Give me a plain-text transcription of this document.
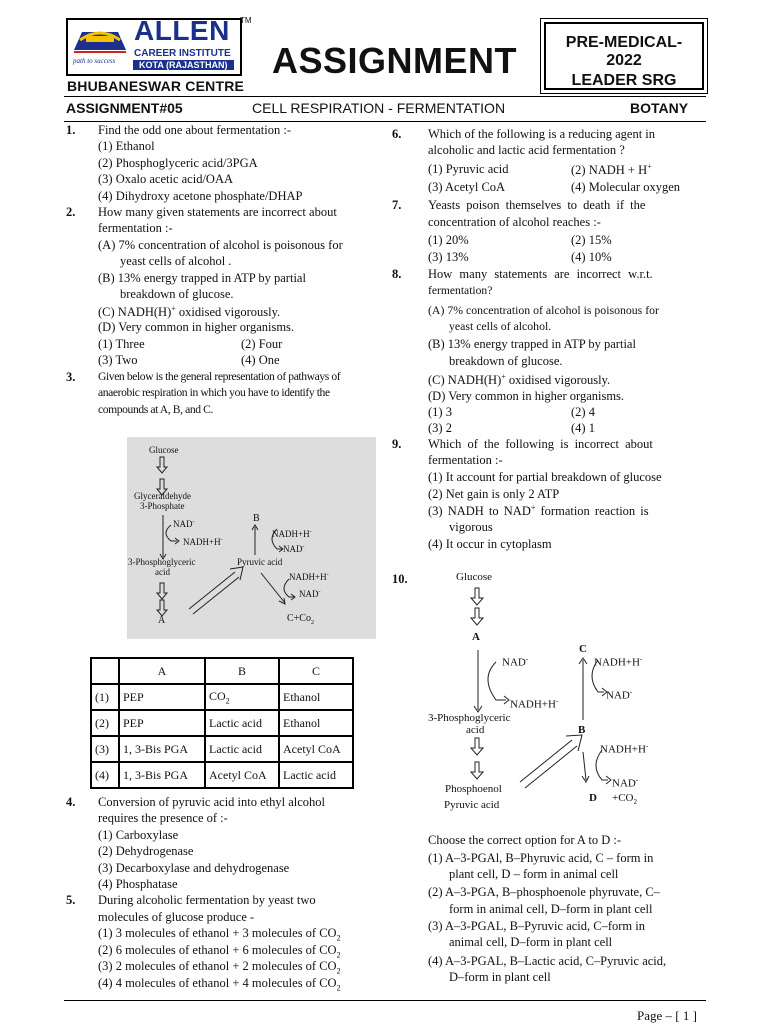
ALLEN TM
CAREER INSTITUTE
KOTA (RAJASTHAN)
path to success
BHUBANESWAR CENTRE
ASSIGNMENT	PRE-MEDICAL- 2022
LEADER SRG
ASSIGNMENT#05	CELL RESPIRATION - FERMENTATION	BOTANY
1. Find the odd one about fermentation :-
(1) Ethanol
(2) Phosphoglyceric acid/3PGA
(3) Oxalo acetic acid/OAA
(4) Dihydroxy acetone phosphate/DHAP
2. How many given statements are incorrect about
fermentation :-
(A) 7% concentration of alcohol is poisonous for
yeast cells of alcohol .
(B) 13% energy trapped in ATP by partial
breakdown of glucose.
(C) NADH(H)+ oxidised vigorously.
(D) Very common in higher organisms.
(1) Three	(2) Four
(3) Two	(4) One
3. Given below is the general representation of pathways of
anaerobic respiration in which you have to identify the
compounds at A, B, and C.
Glucose
Glyceraldehyde
3-Phosphate
NAD-
NADH+H-
3-Phosphoglyceric
acid
A
B
Pyruvic acid
NADH+H-
NAD-
NADH+H-
NAD-
$C+Co_2$
	A	B	C
(1)	PEP	$CO_2$	Ethanol
(2)	PEP	Lactic acid	Ethanol
(3)	1, 3-Bis PGA	Lactic acid	Acetyl CoA
(4)	1, 3-Bis PGA	Acetyl CoA	Lactic acid
4. Conversion of pyruvic acid into ethyl alcohol
requires the presence of :-
(1) Carboxylase
(2) Dehydrogenase
(3) Decarboxylase and dehydrogenase
(4) Phosphatase
5. During alcoholic fermentation by yeast two
molecules of glucose produce -
(1) 3 molecules of ethanol + 3 molecules of $CO_2$
(2) 6 molecules of ethanol + 6 molecules of $CO_2$
(3) 2 molecules of ethanol + 2 molecules of $CO_2$
(4) 4 molecules of ethanol + 4 molecules of $CO_2$
6. Which of the following is a reducing agent in
alcoholic and lactic acid fermentation ?
(1) Pyruvic acid	(2) NADH + H+
(3) Acetyl CoA	(4) Molecular oxygen
7. Yeasts poison themselves to death if the
concentration of alcohol reaches :-
(1) 20%	(2) 15%
(3) 13%	(4) 10%
8. How many statements are incorrect w.r.t.
fermentation?
(A) 7% concentration of alcohol is poisonous for
yeast cells of alcohol.
(B) 13% energy trapped in ATP by partial
breakdown of glucose.
(C) NADH(H)+ oxidised vigorously.
(D) Very common in higher organisms.
(1) 3	(2) 4
(3) 2	(4) 1
9. Which of the following is incorrect about
fermentation :-
(1) It account for partial breakdown of glucose
(2) Net gain is only 2 ATP
(3) NADH to NAD+ formation reaction is
vigorous
(4) It occur in cytoplasm
10.	Glucose
A
NAD-
NADH+H-
3-Phosphoglyceric
acid
Phosphoenol
Pyruvic acid
C
NADH+H-
NAD-
B
NADH+H-
NAD-
$D +CO_2$
Choose the correct option for A to D :-
(1) A–3-PGAl, B–Phyruvic acid, C – form in
plant cell, D – form in animal cell
(2) A–3-PGA, B–phosphoenole phyruvate, C–
form in animal cell, D–form in plant cell
(3) A–3-PGAL, B–Pyruvic acid, C–form in
animal cell, D–form in plant cell
(4) A–3-PGAL, B–Lactic acid, C–Pyruvic acid,
D–form in plant cell
Page – [ 1 ]
